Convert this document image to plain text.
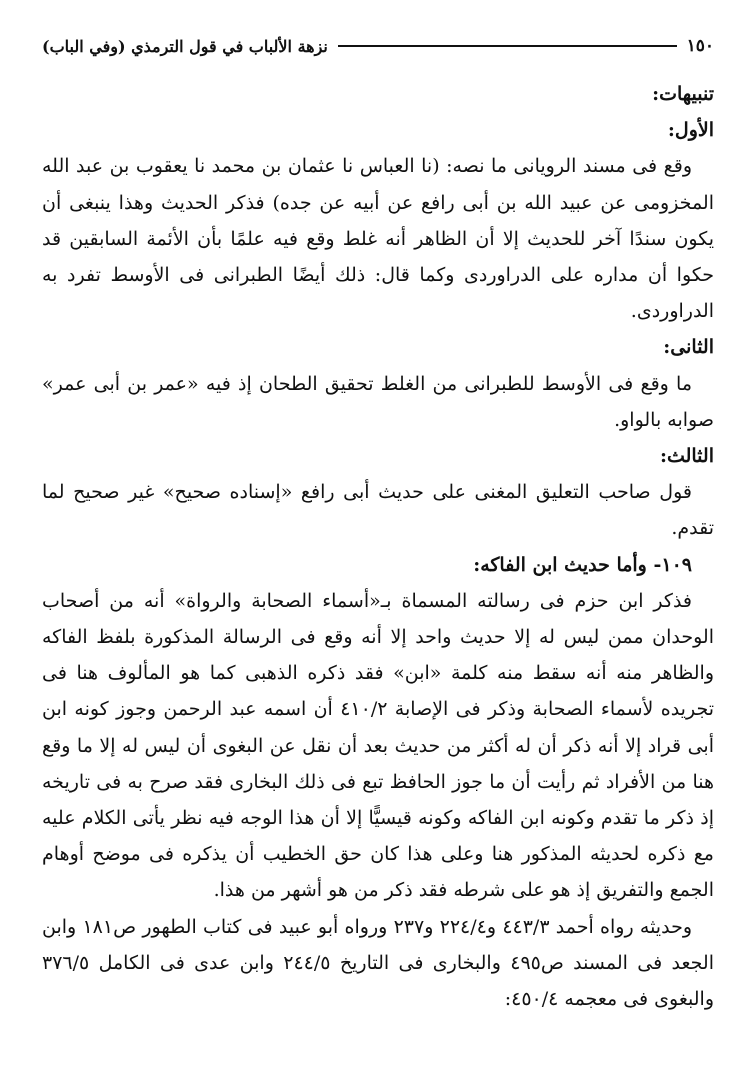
١٥٠
نزهة الألباب في قول الترمذي (وفي الباب)

تنبيهات:

الأول:

وقع فى مسند الرويانى ما نصه: (نا العباس نا عثمان بن محمد نا يعقوب بن عبد الله المخزومى عن عبيد الله بن أبى رافع عن أبيه عن جده) فذكر الحديث وهذا ينبغى أن يكون سندًا آخر للحديث إلا أن الظاهر أنه غلط وقع فيه علمًا بأن الأئمة السابقين قد حكوا أن مداره على الدراوردى وكما قال: ذلك أيضًا الطبرانى فى الأوسط تفرد به الدراوردى.

الثانى:

ما وقع فى الأوسط للطبرانى من الغلط تحقيق الطحان إذ فيه «عمر بن أبى عمر» صوابه بالواو.

الثالث:

قول صاحب التعليق المغنى على حديث أبى رافع «إسناده صحيح» غير صحيح لما تقدم.

١٠٩- وأما حديث ابن الفاكه:

فذكر ابن حزم فى رسالته المسماة بـ«أسماء الصحابة والرواة» أنه من أصحاب الوحدان ممن ليس له إلا حديث واحد إلا أنه وقع فى الرسالة المذكورة بلفظ الفاكه والظاهر منه أنه سقط منه كلمة «ابن» فقد ذكره الذهبى كما هو المألوف هنا فى تجريده لأسماء الصحابة وذكر فى الإصابة ٤١٠/٢ أن اسمه عبد الرحمن وجوز كونه ابن أبى قراد إلا أنه ذكر أن له أكثر من حديث بعد أن نقل عن البغوى أن ليس له إلا ما وقع هنا من الأفراد ثم رأيت أن ما جوز الحافظ تبع فى ذلك البخارى فقد صرح به فى تاريخه إذ ذكر ما تقدم وكونه ابن الفاكه وكونه قيسيًّا إلا أن هذا الوجه فيه نظر يأتى الكلام عليه مع ذكره لحديثه المذكور هنا وعلى هذا كان حق الخطيب أن يذكره فى موضح أوهام الجمع والتفريق إذ هو على شرطه فقد ذكر من هو أشهر من هذا.

وحديثه رواه أحمد ٤٤٣/٣ و٢٢٤/٤ و٢٣٧ ورواه أبو عبيد فى كتاب الطهور ص١٨١ وابن الجعد فى المسند ص٤٩٥ والبخارى فى التاريخ ٢٤٤/٥ وابن عدى فى الكامل ٣٧٦/٥ والبغوى فى معجمه ٤٥٠/٤:
